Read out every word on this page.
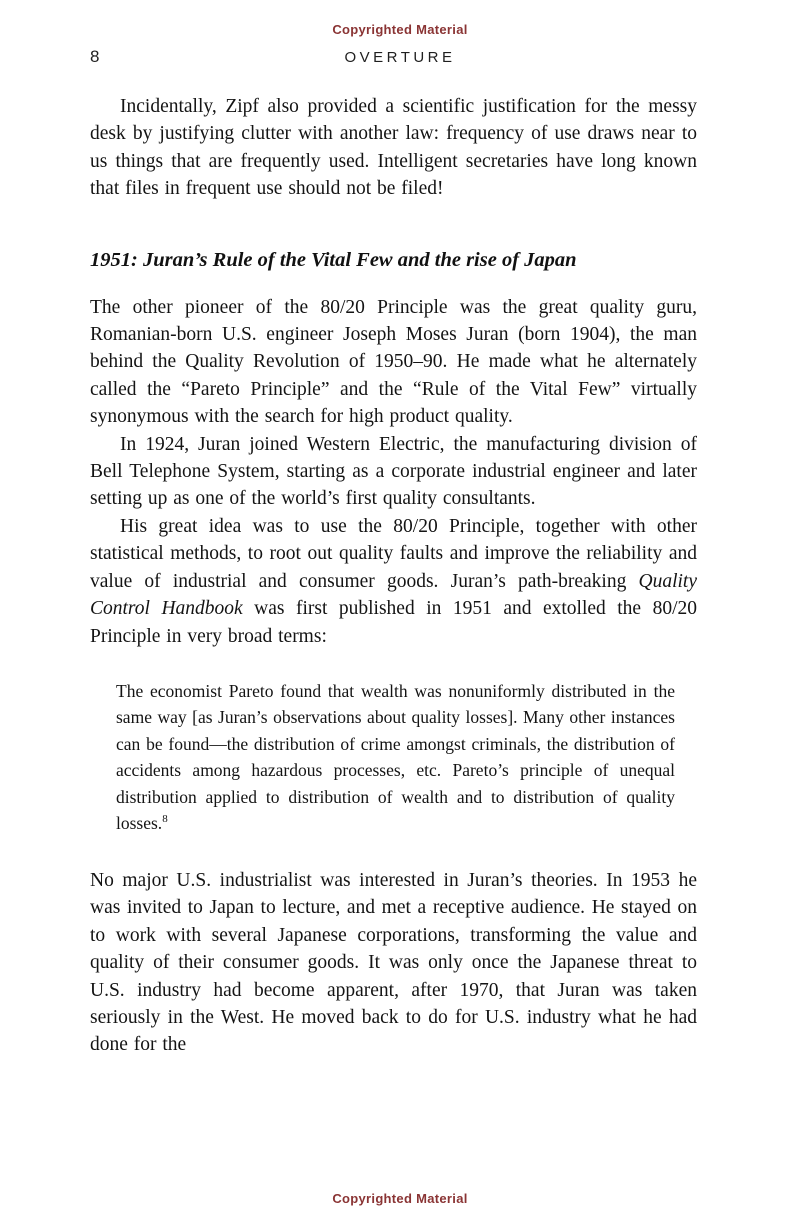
Copyrighted Material
8	OVERTURE

Incidentally, Zipf also provided a scientific justification for the messy desk by justifying clutter with another law: frequency of use draws near to us things that are frequently used. Intelligent secretaries have long known that files in frequent use should not be filed!

1951: Juran’s Rule of the Vital Few and the rise of Japan

The other pioneer of the 80/20 Principle was the great quality guru, Romanian-born U.S. engineer Joseph Moses Juran (born 1904), the man behind the Quality Revolution of 1950–90. He made what he alternately called the “Pareto Principle” and the “Rule of the Vital Few” virtually synonymous with the search for high product quality.

In 1924, Juran joined Western Electric, the manufacturing division of Bell Telephone System, starting as a corporate industrial engineer and later setting up as one of the world’s first quality consultants.

His great idea was to use the 80/20 Principle, together with other statistical methods, to root out quality faults and improve the reliability and value of industrial and consumer goods. Juran’s path-breaking Quality Control Handbook was first published in 1951 and extolled the 80/20 Principle in very broad terms:

The economist Pareto found that wealth was nonuniformly distributed in the same way [as Juran’s observations about quality losses]. Many other instances can be found—the distribution of crime amongst criminals, the distribution of accidents among hazardous processes, etc. Pareto’s principle of unequal distribution applied to distribution of wealth and to distribution of quality losses.$^8$

No major U.S. industrialist was interested in Juran’s theories. In 1953 he was invited to Japan to lecture, and met a receptive audience. He stayed on to work with several Japanese corporations, transforming the value and quality of their consumer goods. It was only once the Japanese threat to U.S. industry had become apparent, after 1970, that Juran was taken seriously in the West. He moved back to do for U.S. industry what he had done for the

Copyrighted Material
